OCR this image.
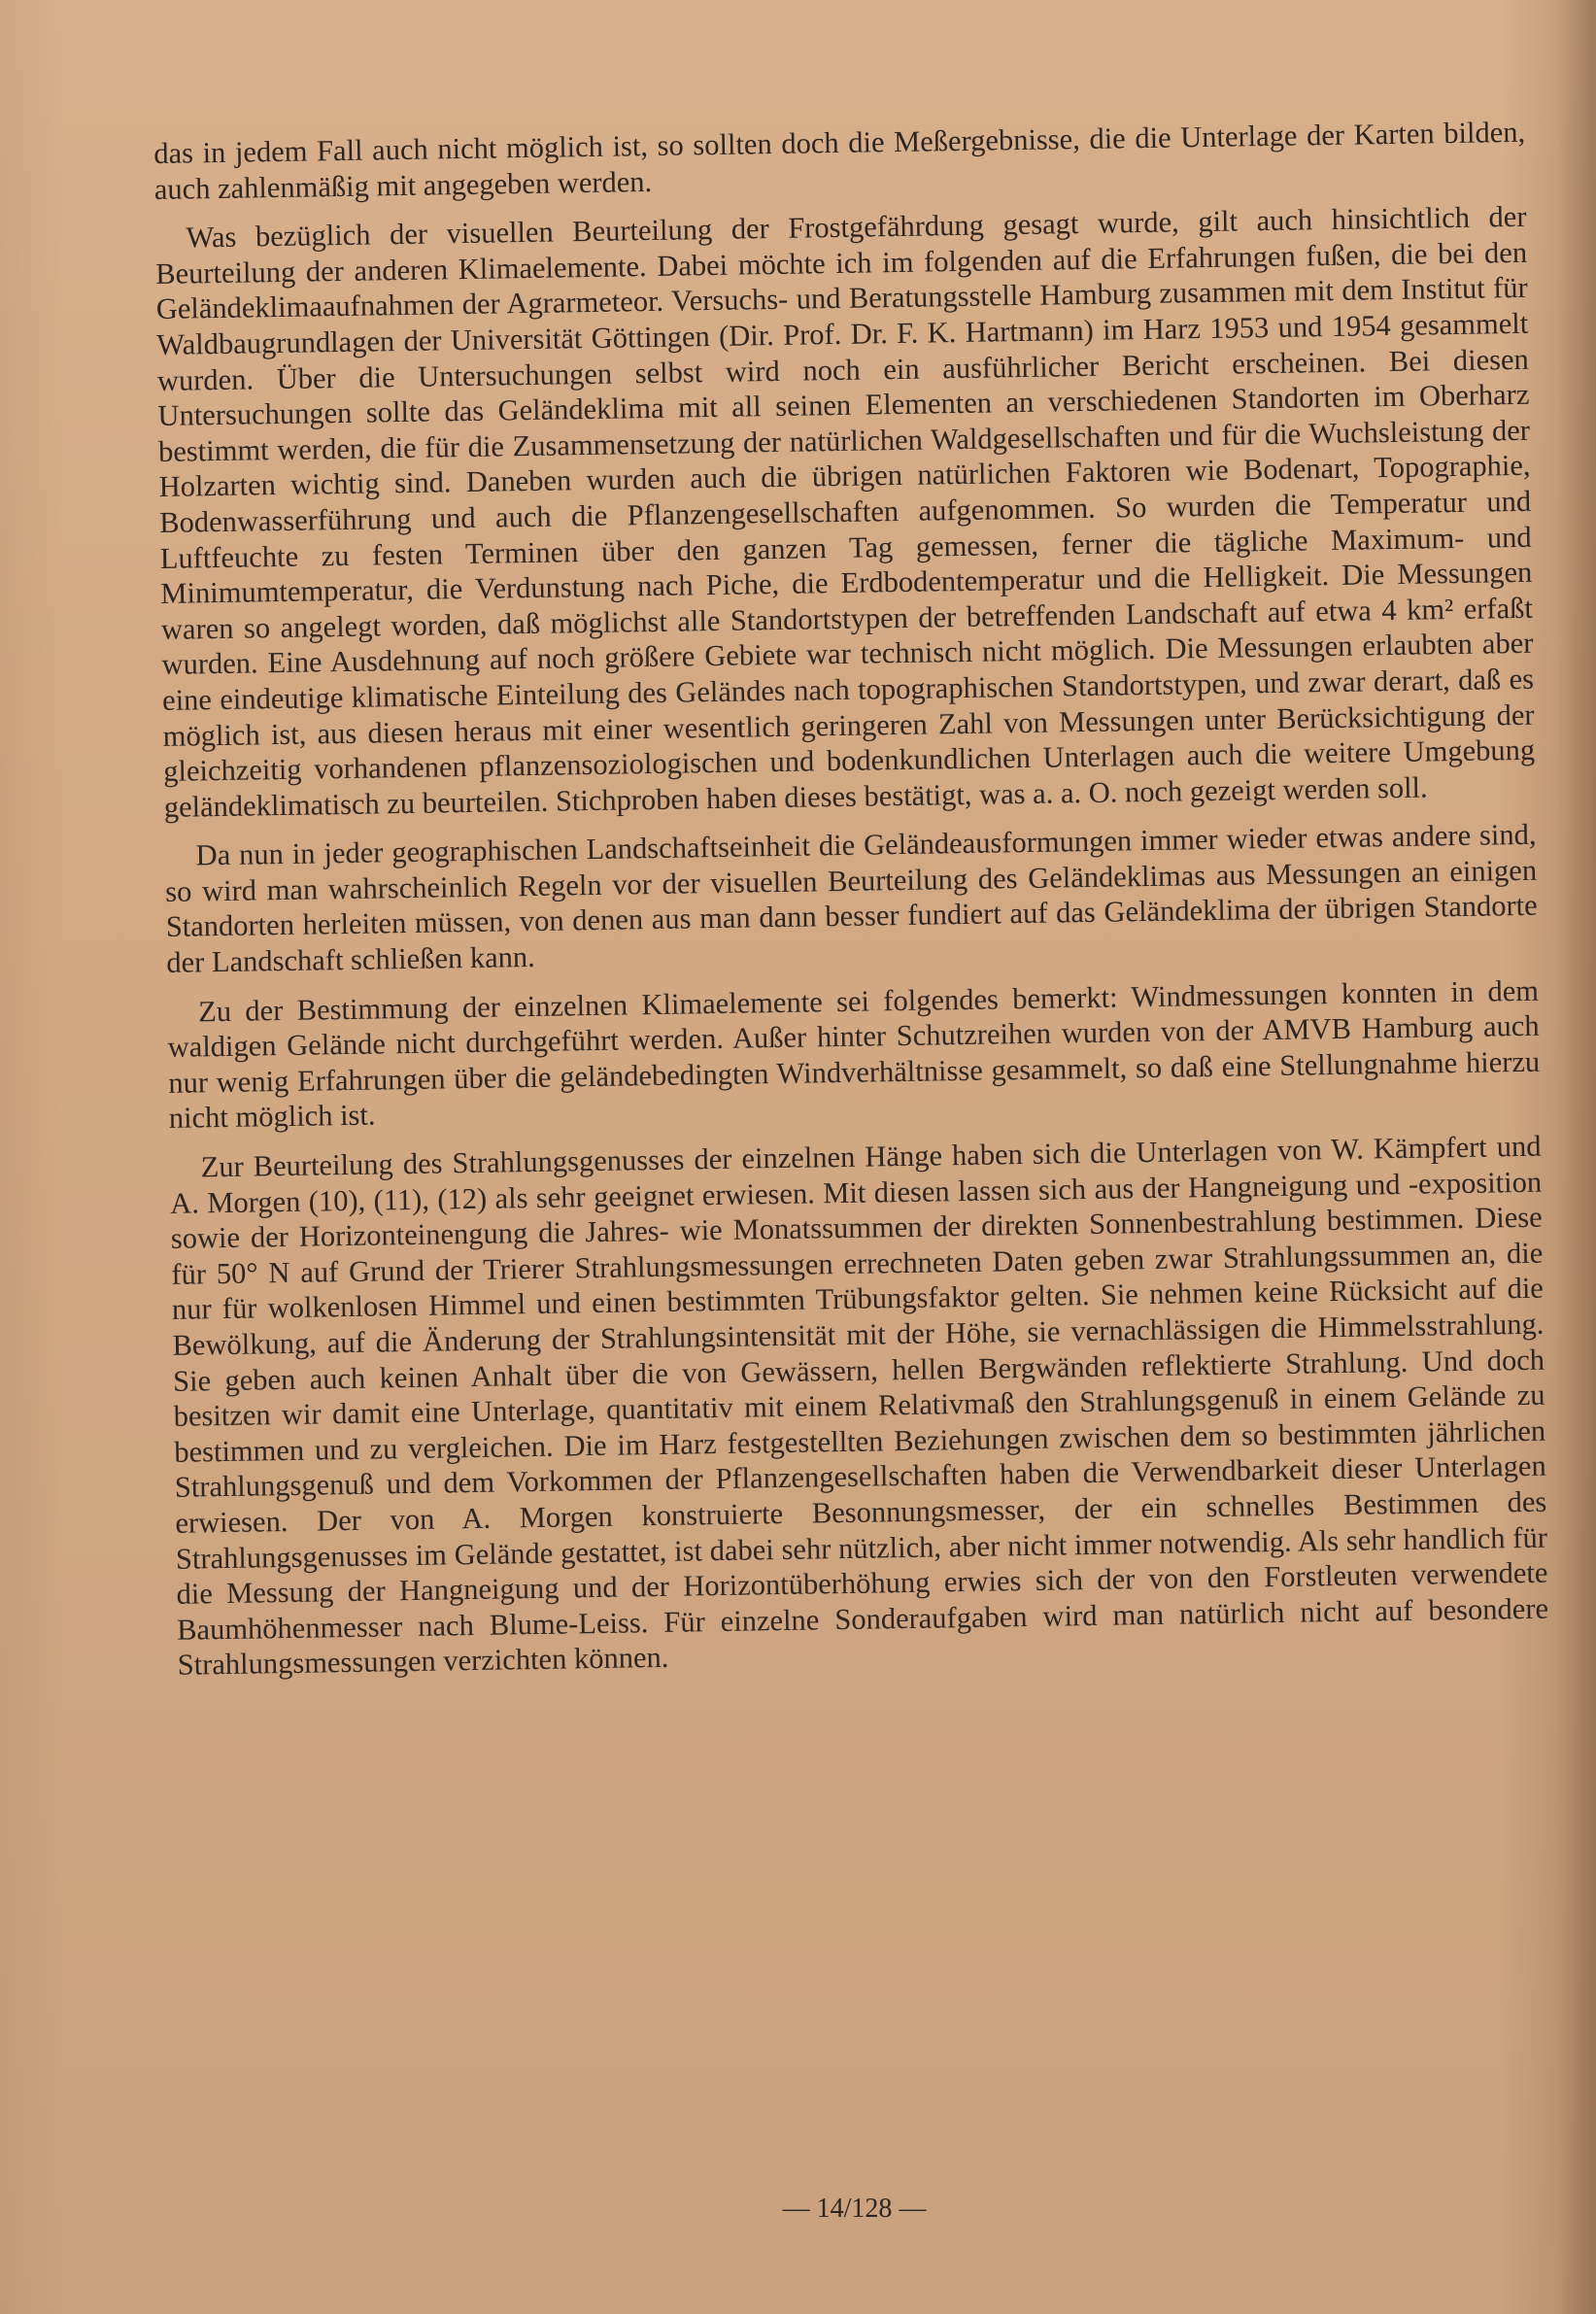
das in jedem Fall auch nicht möglich ist, so sollten doch die Meßergebnisse, die die Unterlage der Karten bilden, auch zahlenmäßig mit angegeben werden.

Was bezüglich der visuellen Beurteilung der Frostgefährdung gesagt wurde, gilt auch hinsichtlich der Beurteilung der anderen Klimaelemente. Dabei möchte ich im folgenden auf die Erfahrungen fußen, die bei den Geländeklimaaufnahmen der Agrarmeteor. Versuchs- und Beratungsstelle Hamburg zusammen mit dem Institut für Waldbaugrundlagen der Universität Göttingen (Dir. Prof. Dr. F. K. Hartmann) im Harz 1953 und 1954 gesammelt wurden. Über die Untersuchungen selbst wird noch ein ausführlicher Bericht erscheinen. Bei diesen Untersuchungen sollte das Geländeklima mit all seinen Elementen an verschiedenen Standorten im Oberharz bestimmt werden, die für die Zusammensetzung der natürlichen Waldgesellschaften und für die Wuchsleistung der Holzarten wichtig sind. Daneben wurden auch die übrigen natürlichen Faktoren wie Bodenart, Topographie, Bodenwasserführung und auch die Pflanzengesellschaften aufgenommen. So wurden die Temperatur und Luftfeuchte zu festen Terminen über den ganzen Tag gemessen, ferner die tägliche Maximum- und Minimumtemperatur, die Verdunstung nach Piche, die Erdbodentemperatur und die Helligkeit. Die Messungen waren so angelegt worden, daß möglichst alle Standortstypen der betreffenden Landschaft auf etwa 4 km² erfaßt wurden. Eine Ausdehnung auf noch größere Gebiete war technisch nicht möglich. Die Messungen erlaubten aber eine eindeutige klimatische Einteilung des Geländes nach topographischen Standortstypen, und zwar derart, daß es möglich ist, aus diesen heraus mit einer wesentlich geringeren Zahl von Messungen unter Berücksichtigung der gleichzeitig vorhandenen pflanzensoziologischen und bodenkundlichen Unterlagen auch die weitere Umgebung geländeklimatisch zu beurteilen. Stichproben haben dieses bestätigt, was a. a. O. noch gezeigt werden soll.

Da nun in jeder geographischen Landschaftseinheit die Geländeausformungen immer wieder etwas andere sind, so wird man wahrscheinlich Regeln vor der visuellen Beurteilung des Geländeklimas aus Messungen an einigen Standorten herleiten müssen, von denen aus man dann besser fundiert auf das Geländeklima der übrigen Standorte der Landschaft schließen kann.

Zu der Bestimmung der einzelnen Klimaelemente sei folgendes bemerkt: Windmessungen konnten in dem waldigen Gelände nicht durchgeführt werden. Außer hinter Schutzreihen wurden von der AMVB Hamburg auch nur wenig Erfahrungen über die geländebedingten Windverhältnisse gesammelt, so daß eine Stellungnahme hierzu nicht möglich ist.

Zur Beurteilung des Strahlungsgenusses der einzelnen Hänge haben sich die Unterlagen von W. Kämpfert und A. Morgen (10), (11), (12) als sehr geeignet erwiesen. Mit diesen lassen sich aus der Hangneigung und -exposition sowie der Horizonteinengung die Jahres- wie Monatssummen der direkten Sonnenbestrahlung bestimmen. Diese für 50° N auf Grund der Trierer Strahlungsmessungen errechneten Daten geben zwar Strahlungssummen an, die nur für wolkenlosen Himmel und einen bestimmten Trübungsfaktor gelten. Sie nehmen keine Rücksicht auf die Bewölkung, auf die Änderung der Strahlungsintensität mit der Höhe, sie vernachlässigen die Himmelsstrahlung. Sie geben auch keinen Anhalt über die von Gewässern, hellen Bergwänden reflektierte Strahlung. Und doch besitzen wir damit eine Unterlage, quantitativ mit einem Relativmaß den Strahlungsgenuß in einem Gelände zu bestimmen und zu vergleichen. Die im Harz festgestellten Beziehungen zwischen dem so bestimmten jährlichen Strahlungsgenuß und dem Vorkommen der Pflanzengesellschaften haben die Verwendbarkeit dieser Unterlagen erwiesen. Der von A. Morgen konstruierte Besonnungsmesser, der ein schnelles Bestimmen des Strahlungsgenusses im Gelände gestattet, ist dabei sehr nützlich, aber nicht immer notwendig. Als sehr handlich für die Messung der Hangneigung und der Horizontüberhöhung erwies sich der von den Forstleuten verwendete Baumhöhenmesser nach Blume-Leiss. Für einzelne Sonderaufgaben wird man natürlich nicht auf besondere Strahlungsmessungen verzichten können.

— 14/128 —
